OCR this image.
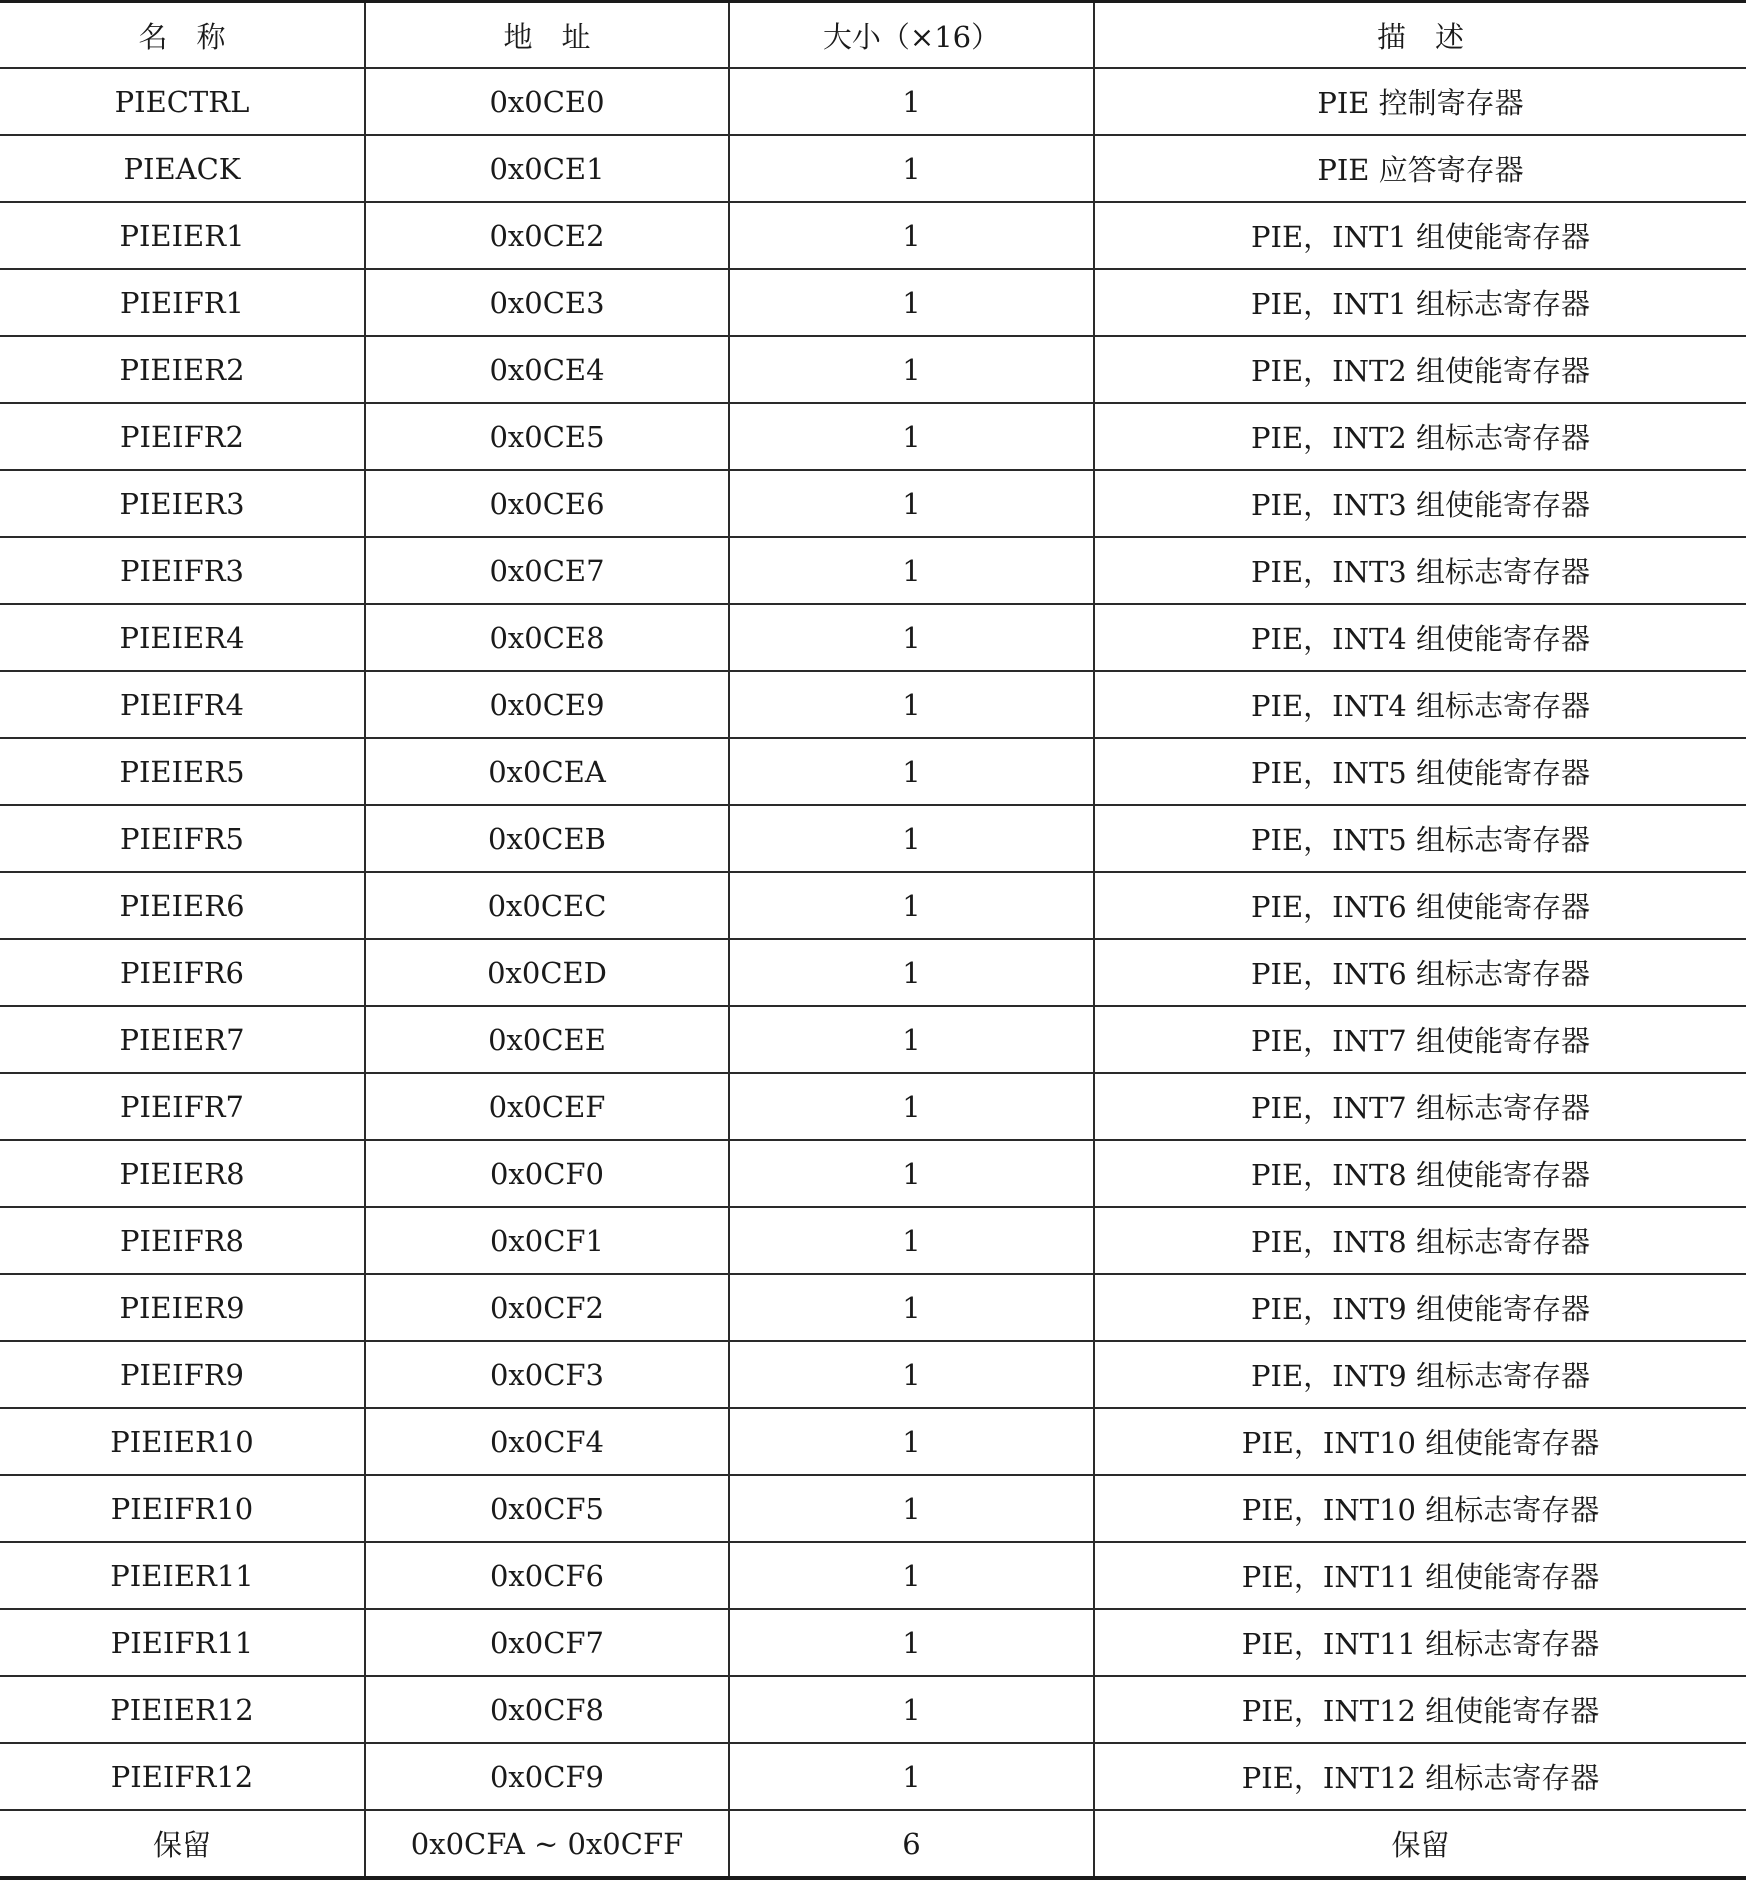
名　称	地　址	大小（×16）	描　述
PIECTRL	0x0CE0	1	PIE 控制寄存器
PIEACK	0x0CE1	1	PIE 应答寄存器
PIEIER1	0x0CE2	1	PIE，INT1 组使能寄存器
PIEIFR1	0x0CE3	1	PIE，INT1 组标志寄存器
PIEIER2	0x0CE4	1	PIE，INT2 组使能寄存器
PIEIFR2	0x0CE5	1	PIE，INT2 组标志寄存器
PIEIER3	0x0CE6	1	PIE，INT3 组使能寄存器
PIEIFR3	0x0CE7	1	PIE，INT3 组标志寄存器
PIEIER4	0x0CE8	1	PIE，INT4 组使能寄存器
PIEIFR4	0x0CE9	1	PIE，INT4 组标志寄存器
PIEIER5	0x0CEA	1	PIE，INT5 组使能寄存器
PIEIFR5	0x0CEB	1	PIE，INT5 组标志寄存器
PIEIER6	0x0CEC	1	PIE，INT6 组使能寄存器
PIEIFR6	0x0CED	1	PIE，INT6 组标志寄存器
PIEIER7	0x0CEE	1	PIE，INT7 组使能寄存器
PIEIFR7	0x0CEF	1	PIE，INT7 组标志寄存器
PIEIER8	0x0CF0	1	PIE，INT8 组使能寄存器
PIEIFR8	0x0CF1	1	PIE，INT8 组标志寄存器
PIEIER9	0x0CF2	1	PIE，INT9 组使能寄存器
PIEIFR9	0x0CF3	1	PIE，INT9 组标志寄存器
PIEIER10	0x0CF4	1	PIE，INT10 组使能寄存器
PIEIFR10	0x0CF5	1	PIE，INT10 组标志寄存器
PIEIER11	0x0CF6	1	PIE，INT11 组使能寄存器
PIEIFR11	0x0CF7	1	PIE，INT11 组标志寄存器
PIEIER12	0x0CF8	1	PIE，INT12 组使能寄存器
PIEIFR12	0x0CF9	1	PIE，INT12 组标志寄存器
保留	0x0CFA ~ 0x0CFF	6	保留
